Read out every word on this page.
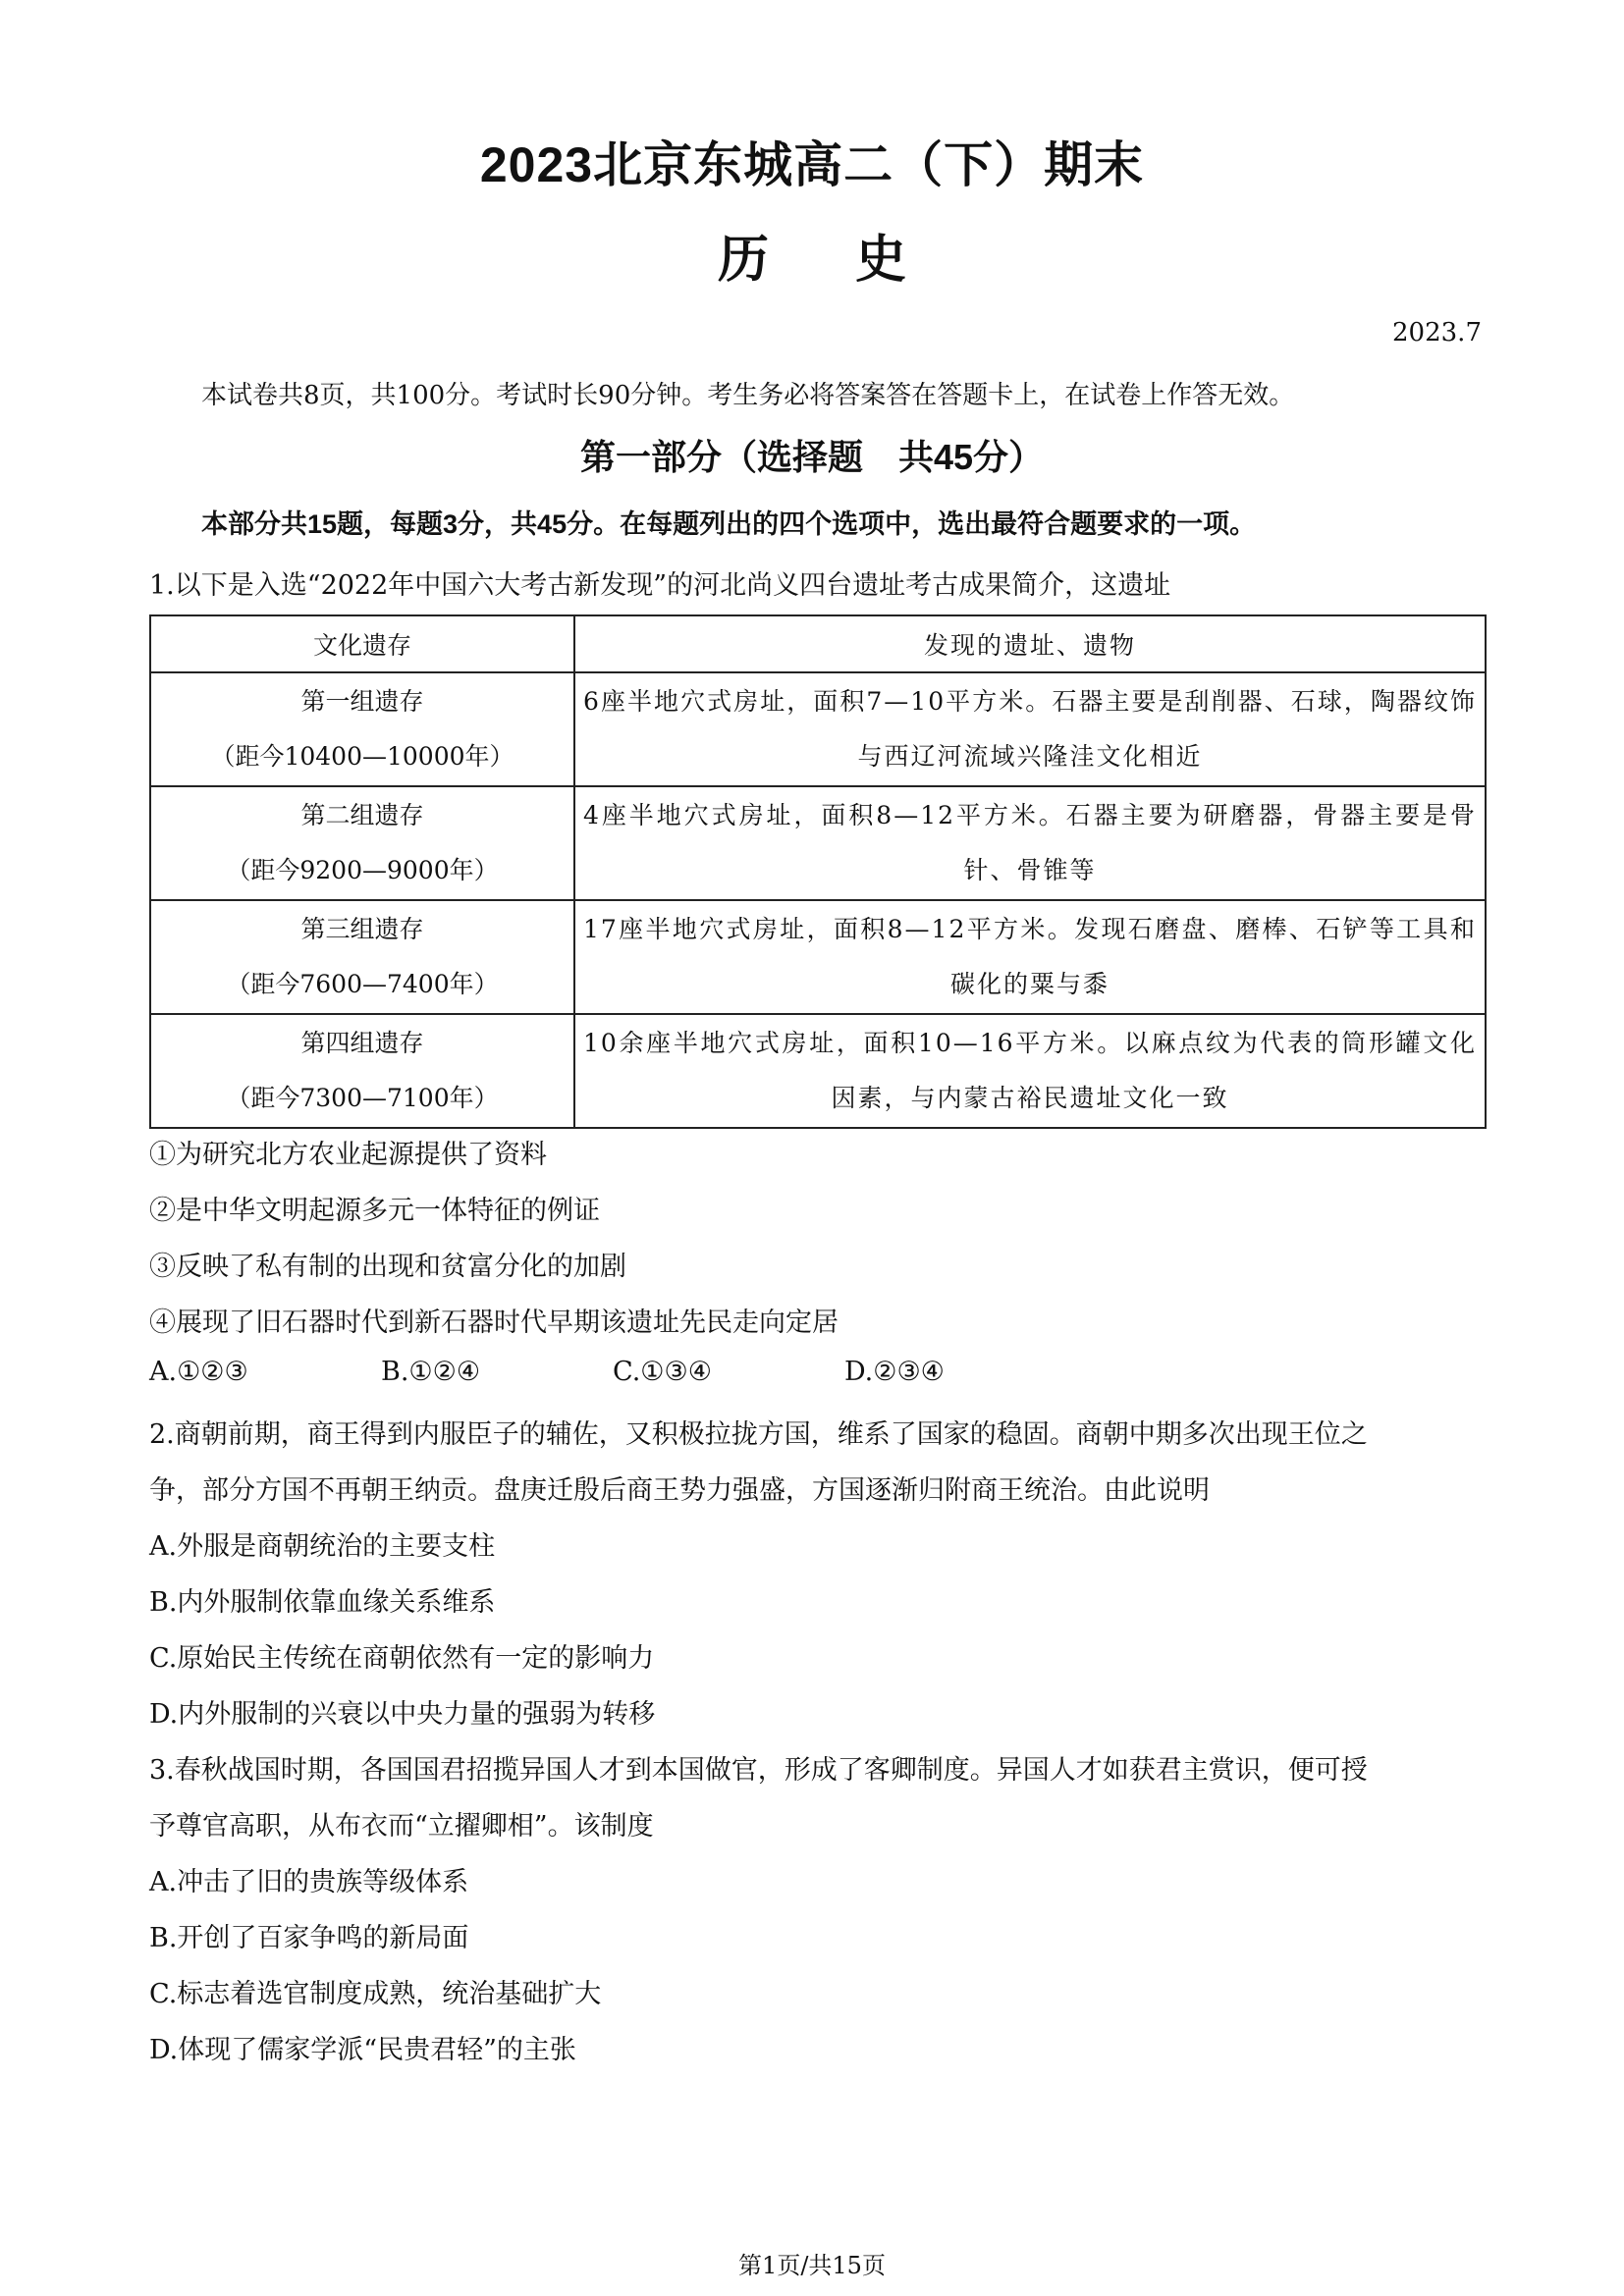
2023北京东城高二（下）期末
历史
2023.7
本试卷共8页，共100分。考试时长90分钟。考生务必将答案答在答题卡上，在试卷上作答无效。
第一部分（选择题　共45分）
本部分共15题，每题3分，共45分。在每题列出的四个选项中，选出最符合题要求的一项。
1.以下是入选“2022年中国六大考古新发现”的河北尚义四台遗址考古成果简介，这遗址
文化遗存	发现的遗址、遗物

第一组遗存
（距今10400—10000年）	6座半地穴式房址，面积7—10平方米。石器主要是刮削器、石球，陶器纹饰与西辽河流域兴隆洼文化相近

第二组遗存
（距今9200—9000年）	4座半地穴式房址，面积8—12平方米。石器主要为研磨器，骨器主要是骨针、骨锥等

第三组遗存
（距今7600—7400年）	17座半地穴式房址，面积8—12平方米。发现石磨盘、磨棒、石铲等工具和碳化的粟与黍

第四组遗存
（距今7300—7100年）	10余座半地穴式房址，面积10—16平方米。以麻点纹为代表的筒形罐文化因素，与内蒙古裕民遗址文化一致
①为研究北方农业起源提供了资料
②是中华文明起源多元一体特征的例证
③反映了私有制的出现和贫富分化的加剧
④展现了旧石器时代到新石器时代早期该遗址先民走向定居
A.①②③	B.①②④	C.①③④	D.②③④
2.商朝前期，商王得到内服臣子的辅佐，又积极拉拢方国，维系了国家的稳固。商朝中期多次出现王位之
争，部分方国不再朝王纳贡。盘庚迁殷后商王势力强盛，方国逐渐归附商王统治。由此说明
A.外服是商朝统治的主要支柱
B.内外服制依靠血缘关系维系
C.原始民主传统在商朝依然有一定的影响力
D.内外服制的兴衰以中央力量的强弱为转移
3.春秋战国时期，各国国君招揽异国人才到本国做官，形成了客卿制度。异国人才如获君主赏识，便可授
予尊官高职，从布衣而“立擢卿相”。该制度
A.冲击了旧的贵族等级体系
B.开创了百家争鸣的新局面
C.标志着选官制度成熟，统治基础扩大
D.体现了儒家学派“民贵君轻”的主张
第1页/共15页
